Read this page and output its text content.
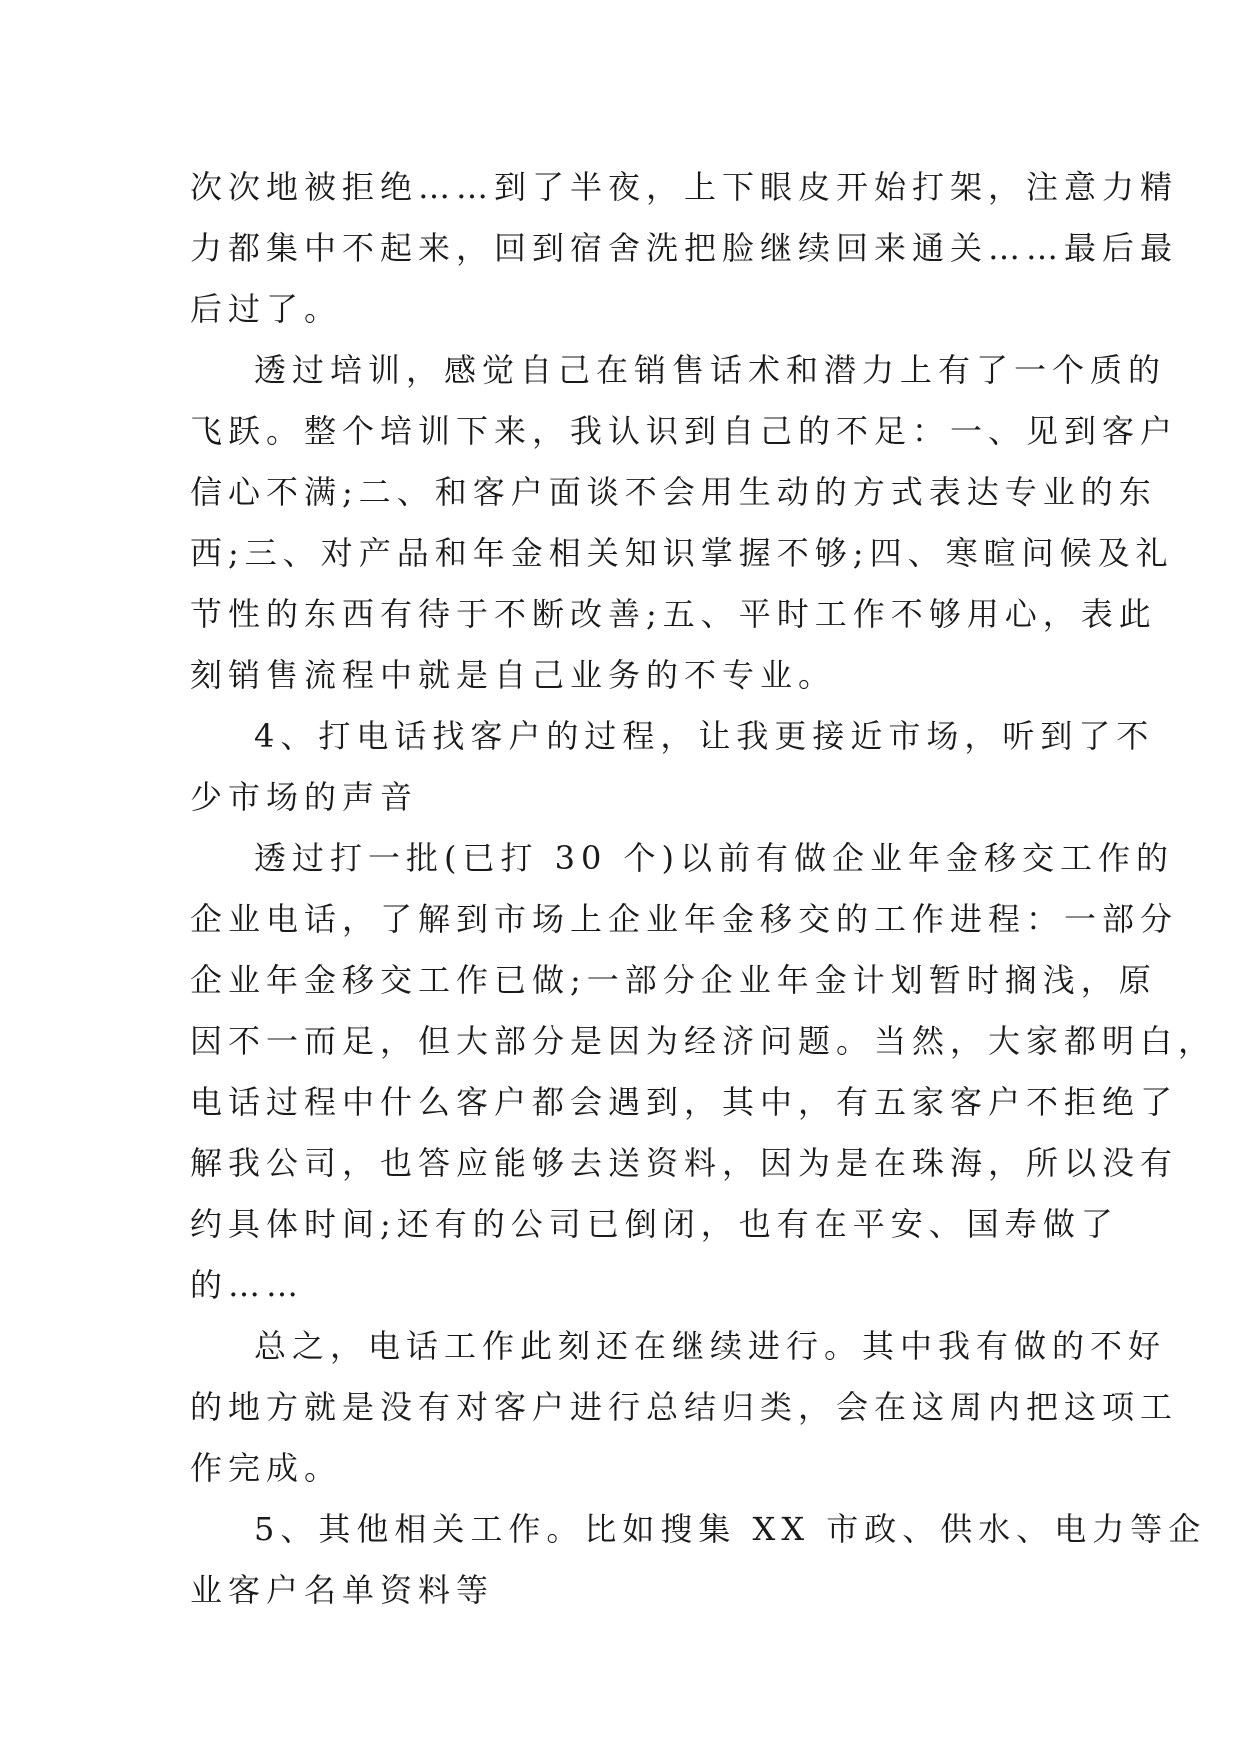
次次地被拒绝……到了半夜，上下眼皮开始打架，注意力精
力都集中不起来，回到宿舍洗把脸继续回来通关……最后最
后过了。
透过培训，感觉自己在销售话术和潜力上有了一个质的
飞跃。整个培训下来，我认识到自己的不足：一、见到客户
信心不满;二、和客户面谈不会用生动的方式表达专业的东
西;三、对产品和年金相关知识掌握不够;四、寒暄问候及礼
节性的东西有待于不断改善;五、平时工作不够用心，表此
刻销售流程中就是自己业务的不专业。
4、打电话找客户的过程，让我更接近市场，听到了不
少市场的声音
透过打一批(已打 30 个)以前有做企业年金移交工作的
企业电话，了解到市场上企业年金移交的工作进程：一部分
企业年金移交工作已做;一部分企业年金计划暂时搁浅，原
因不一而足，但大部分是因为经济问题。当然，大家都明白，
电话过程中什么客户都会遇到，其中，有五家客户不拒绝了
解我公司，也答应能够去送资料，因为是在珠海，所以没有
约具体时间;还有的公司已倒闭，也有在平安、国寿做了
的……
总之，电话工作此刻还在继续进行。其中我有做的不好
的地方就是没有对客户进行总结归类，会在这周内把这项工
作完成。
5、其他相关工作。比如搜集 XX 市政、供水、电力等企
业客户名单资料等
